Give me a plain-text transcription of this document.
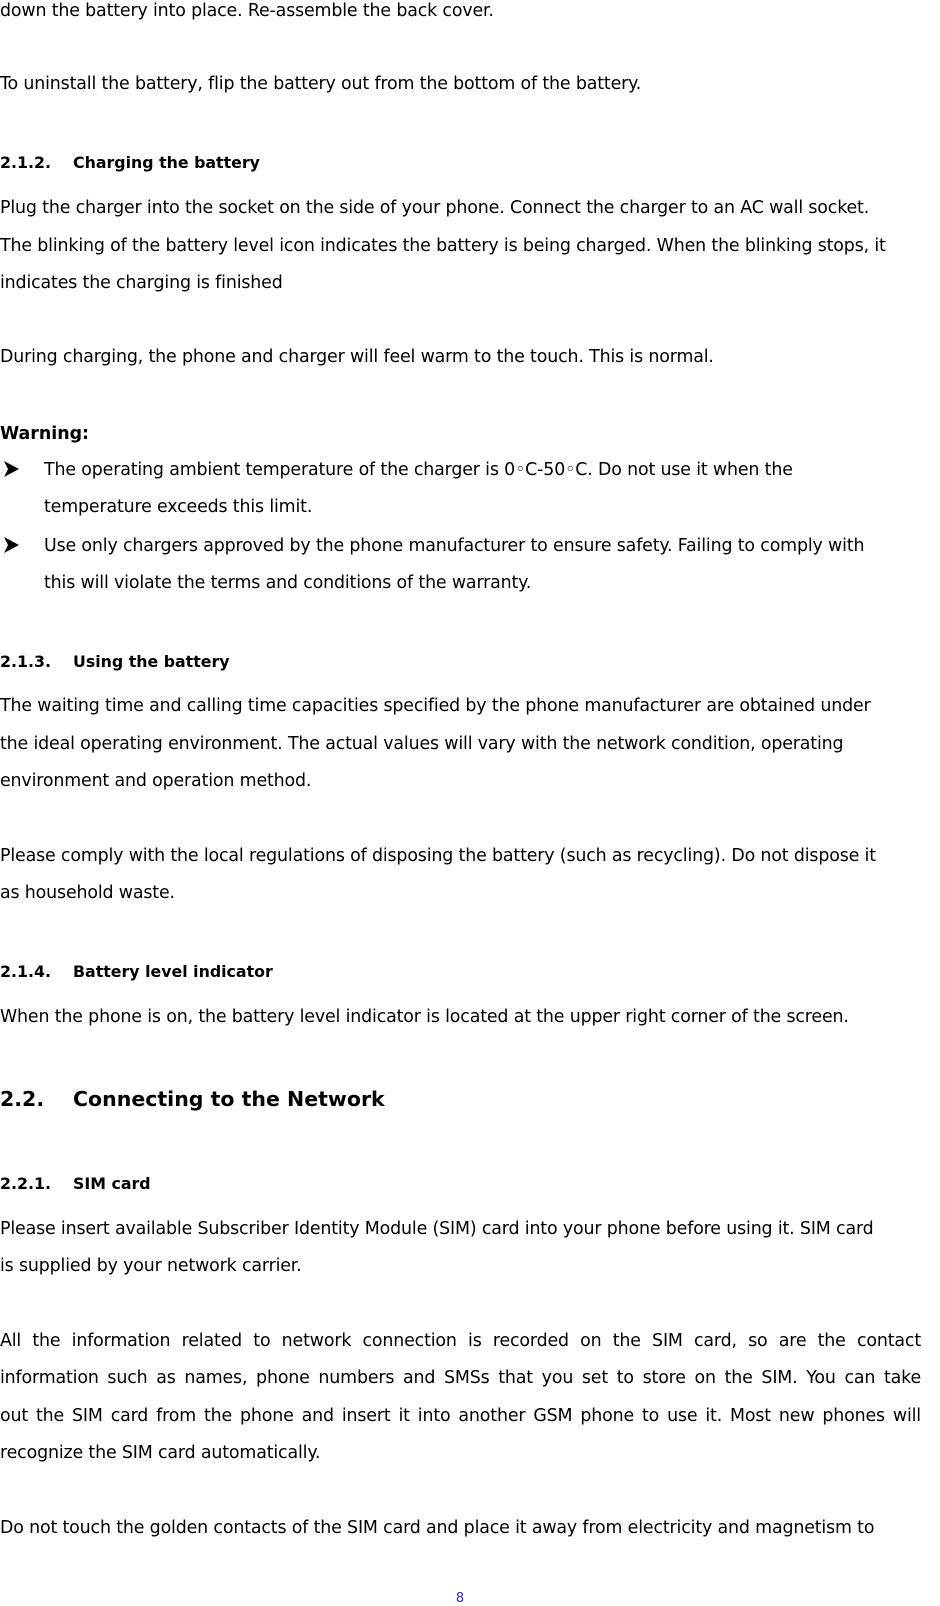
down the battery into place. Re-assemble the back cover.
To uninstall the battery, flip the battery out from the bottom of the battery.
2.1.2. Charging the battery
Plug the charger into the socket on the side of your phone. Connect the charger to an AC wall socket.
The blinking of the battery level icon indicates the battery is being charged. When the blinking stops, it
indicates the charging is finished
During charging, the phone and charger will feel warm to the touch. This is normal.
Warning:
The operating ambient temperature of the charger is 0◦C-50◦C. Do not use it when the
temperature exceeds this limit.
Use only chargers approved by the phone manufacturer to ensure safety. Failing to comply with
this will violate the terms and conditions of the warranty.
2.1.3. Using the battery
The waiting time and calling time capacities specified by the phone manufacturer are obtained under
the ideal operating environment. The actual values will vary with the network condition, operating
environment and operation method.
Please comply with the local regulations of disposing the battery (such as recycling). Do not dispose it
as household waste.
2.1.4. Battery level indicator
When the phone is on, the battery level indicator is located at the upper right corner of the screen.
2.2. Connecting to the Network
2.2.1. SIM card
Please insert available Subscriber Identity Module (SIM) card into your phone before using it. SIM card
is supplied by your network carrier.
All the information related to network connection is recorded on the SIM card, so are the contact
information such as names, phone numbers and SMSs that you set to store on the SIM. You can take
out the SIM card from the phone and insert it into another GSM phone to use it. Most new phones will
recognize the SIM card automatically.
Do not touch the golden contacts of the SIM card and place it away from electricity and magnetism to
8
